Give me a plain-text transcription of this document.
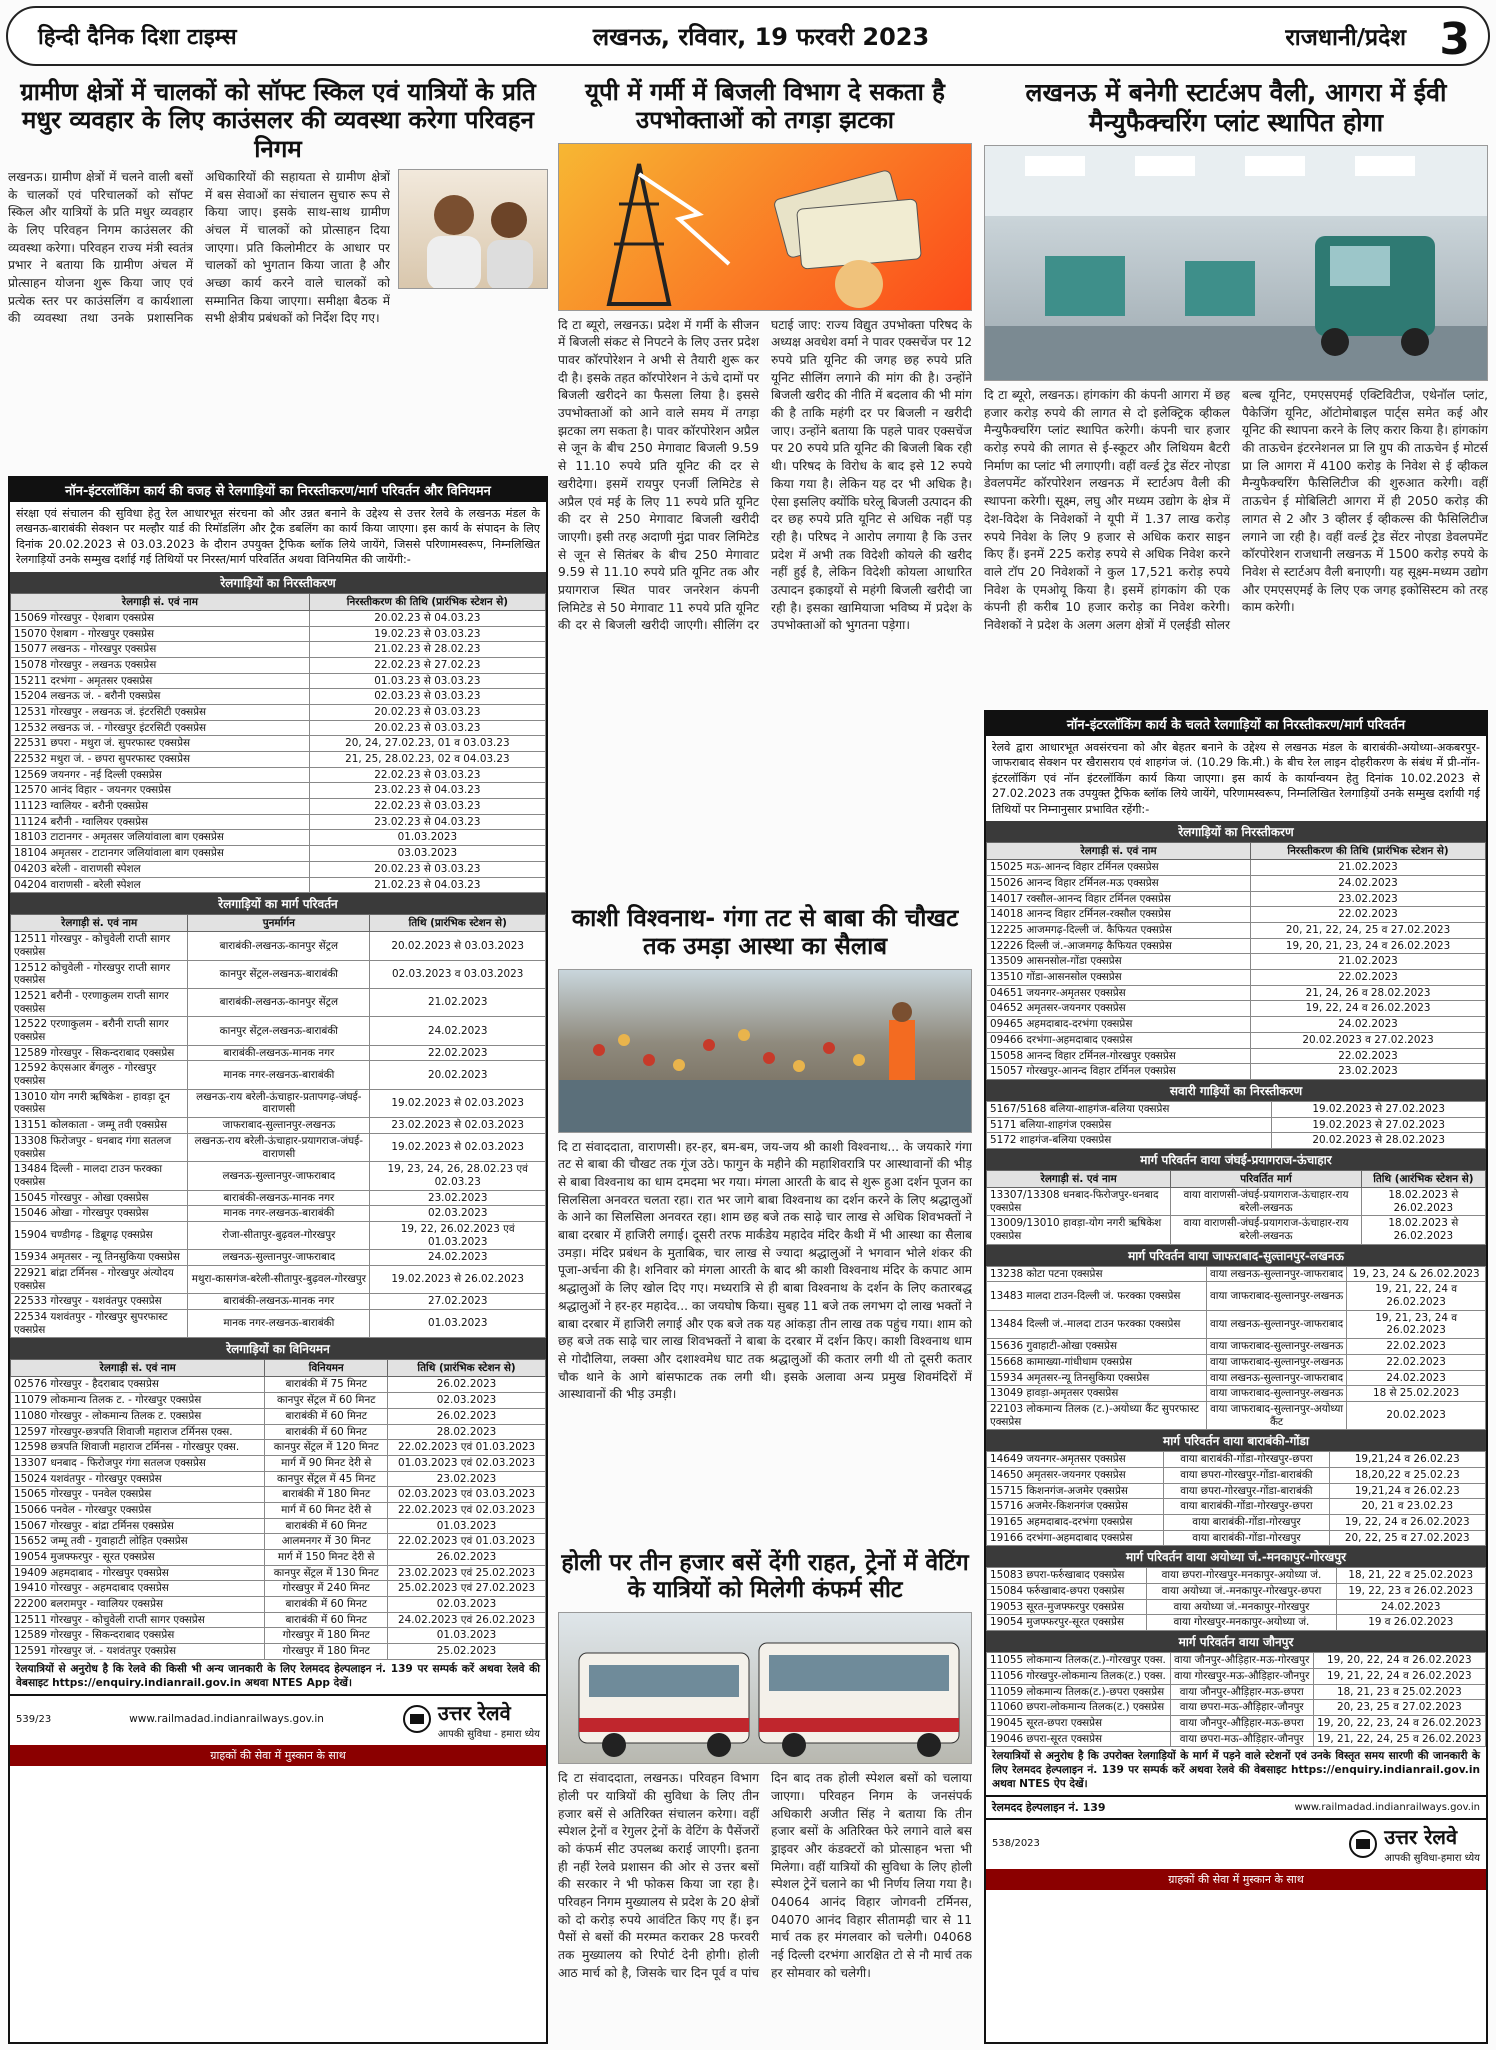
हिन्दी दैनिक दिशा टाइम्स	लखनऊ, रविवार, 19 फरवरी 2023	राजधानी/प्रदेश 3
ग्रामीण क्षेत्रों में चालकों को सॉफ्ट स्किल एवं यात्रियों के प्रति मधुर व्यवहार के लिए काउंसलर की व्यवस्था करेगा परिवहन निगम
लखनऊ। ग्रामीण क्षेत्रों में चलने वाली बसों के चालकों एवं परिचालकों को सॉफ्ट स्किल और यात्रियों के प्रति मधुर व्यवहार के लिए परिवहन निगम काउंसलर की व्यवस्था करेगा। परिवहन राज्य मंत्री स्वतंत्र प्रभार ने बताया कि ग्रामीण अंचल में प्रोत्साहन योजना शुरू किया जाए एवं प्रत्येक स्तर पर काउंसलिंग व कार्यशाला की व्यवस्था तथा उनके प्रशासनिक अधिकारियों की सहायता से ग्रामीण क्षेत्रों में बस सेवाओं का संचालन सुचारु रूप से किया जाए। इसके साथ-साथ ग्रामीण अंचल में चालकों को प्रोत्साहन दिया जाएगा। प्रति किलोमीटर के आधार पर चालकों को भुगतान किया जाता है और अच्छा कार्य करने वाले चालकों को सम्मानित किया जाएगा। समीक्षा बैठक में सभी क्षेत्रीय प्रबंधकों को निर्देश दिए गए।
नॉन-इंटरलॉकिंग कार्य की वजह से रेलगाड़ियों का निरस्तीकरण/मार्ग परिवर्तन और विनियमन
संरक्षा एवं संचालन की सुविधा हेतु रेल आधारभूत संरचना को और उन्नत बनाने के उद्देश्य से उत्तर रेलवे के लखनऊ मंडल के लखनऊ-बाराबंकी सेक्शन पर मल्हौर यार्ड की रिमॉडलिंग और ट्रैक डबलिंग का कार्य किया जाएगा। इस कार्य के संपादन के लिए दिनांक 20.02.2023 से 03.03.2023 के दौरान उपयुक्त ट्रैफिक ब्लॉक लिये जायेंगे, जिससे परिणामस्वरूप, निम्नलिखित रेलगाड़ियों उनके सम्मुख दर्शाई गई तिथियों पर निरस्त/मार्ग परिवर्तित अथवा विनियमित की जायेंगी:-
रेलगाड़ियों का निरस्तीकरण
रेलगाड़ी सं. एवं नाम	निरस्तीकरण की तिथि (प्रारंभिक स्टेशन से)
15069 गोरखपुर - ऐशबाग एक्सप्रेस	20.02.23 से 04.03.23
15070 ऐशबाग - गोरखपुर एक्सप्रेस	19.02.23 से 03.03.23
15077 लखनऊ - गोरखपुर एक्सप्रेस	21.02.23 से 28.02.23
15078 गोरखपुर - लखनऊ एक्सप्रेस	22.02.23 से 27.02.23
15211 दरभंगा - अमृतसर एक्सप्रेस	01.03.23 से 03.03.23
15204 लखनऊ जं. - बरौनी एक्सप्रेस	02.03.23 से 03.03.23
12531 गोरखपुर - लखनऊ जं. इंटरसिटी एक्सप्रेस	20.02.23 से 03.03.23
12532 लखनऊ जं. - गोरखपुर इंटरसिटी एक्सप्रेस	20.02.23 से 03.03.23
22531 छपरा - मथुरा जं. सुपरफास्ट एक्सप्रेस	20, 24, 27.02.23, 01 व 03.03.23
22532 मथुरा जं. - छपरा सुपरफास्ट एक्सप्रेस	21, 25, 28.02.23, 02 व 04.03.23
12569 जयनगर - नई दिल्ली एक्सप्रेस	22.02.23 से 03.03.23
12570 आनंद विहार - जयनगर एक्सप्रेस	23.02.23 से 04.03.23
11123 ग्वालियर - बरौनी एक्सप्रेस	22.02.23 से 03.03.23
11124 बरौनी - ग्वालियर एक्सप्रेस	23.02.23 से 04.03.23
18103 टाटानगर - अमृतसर जलियांवाला बाग एक्सप्रेस	01.03.2023
18104 अमृतसर - टाटानगर जलियांवाला बाग एक्सप्रेस	03.03.2023
04203 बरेली - वाराणसी स्पेशल	20.02.23 से 03.03.23
04204 वाराणसी - बरेली स्पेशल	21.02.23 से 04.03.23
रेलगाड़ियों का मार्ग परिवर्तन
रेलगाड़ी सं. एवं नाम	पुनर्मार्गन	तिथि (प्रारंभिक स्टेशन से)
12511 गोरखपुर - कोचुवेली राप्ती सागर एक्सप्रेस	बाराबंकी-लखनऊ-कानपुर सेंट्रल	20.02.2023 से 03.03.2023
12512 कोचुवेली - गोरखपुर राप्ती सागर एक्सप्रेस	कानपुर सेंट्रल-लखनऊ-बाराबंकी	02.03.2023 व 03.03.2023
12521 बरौनी - एरणाकुलम राप्ती सागर एक्सप्रेस	बाराबंकी-लखनऊ-कानपुर सेंट्रल	21.02.2023
12522 एरणाकुलम - बरौनी राप्ती सागर एक्सप्रेस	कानपुर सेंट्रल-लखनऊ-बाराबंकी	24.02.2023
12589 गोरखपुर - सिकन्दराबाद एक्सप्रेस	बाराबंकी-लखनऊ-मानक नगर	22.02.2023
12592 केएसआर बेंगलुरु - गोरखपुर एक्सप्रेस	मानक नगर-लखनऊ-बाराबंकी	20.02.2023
13010 योग नगरी ऋषिकेश - हावड़ा दून एक्सप्रेस	लखनऊ-राय बरेली-ऊंचाहार-प्रतापगढ़-जंघई-वाराणसी	19.02.2023 से 02.03.2023
13151 कोलकाता - जम्मू तवी एक्सप्रेस	जाफराबाद-सुल्तानपुर-लखनऊ	23.02.2023 से 02.03.2023
13308 फिरोजपुर - धनबाद गंगा सतलज एक्सप्रेस	लखनऊ-राय बरेली-ऊंचाहार-प्रयागराज-जंघई-वाराणसी	19.02.2023 से 02.03.2023
13484 दिल्ली - मालदा टाउन फरक्का एक्सप्रेस	लखनऊ-सुल्तानपुर-जाफराबाद	19, 23, 24, 26, 28.02.23 एवं 02.03.23
15045 गोरखपुर - ओखा एक्सप्रेस	बाराबंकी-लखनऊ-मानक नगर	23.02.2023
15046 ओखा - गोरखपुर एक्सप्रेस	मानक नगर-लखनऊ-बाराबंकी	02.03.2023
15904 चण्डीगढ़ - डिब्रूगढ़ एक्सप्रेस	रोजा-सीतापुर-बुढ़वल-गोरखपुर	19, 22, 26.02.2023 एवं 01.03.2023
15934 अमृतसर - न्यू तिनसुकिया एक्सप्रेस	लखनऊ-सुल्तानपुर-जाफराबाद	24.02.2023
22921 बांद्रा टर्मिनस - गोरखपुर अंत्योदय एक्सप्रेस	मथुरा-कासगंज-बरेली-सीतापुर-बुढ़वल-गोरखपुर	19.02.2023 से 26.02.2023
22533 गोरखपुर - यशवंतपुर एक्सप्रेस	बाराबंकी-लखनऊ-मानक नगर	27.02.2023
22534 यशवंतपुर - गोरखपुर सुपरफास्ट एक्सप्रेस	मानक नगर-लखनऊ-बाराबंकी	01.03.2023
रेलगाड़ियों का विनियमन
रेलगाड़ी सं. एवं नाम	विनियमन	तिथि (प्रारंभिक स्टेशन से)
02576 गोरखपुर - हैदराबाद एक्सप्रेस	बाराबंकी में 75 मिनट	26.02.2023
11079 लोकमान्य तिलक ट. - गोरखपुर एक्सप्रेस	कानपुर सेंट्रल में 60 मिनट	02.03.2023
11080 गोरखपुर - लोकमान्य तिलक ट. एक्सप्रेस	बाराबंकी में 60 मिनट	26.02.2023
12597 गोरखपुर-छत्रपति शिवाजी महाराज टर्मिनस एक्स.	बाराबंकी में 60 मिनट	28.02.2023
12598 छत्रपति शिवाजी महाराज टर्मिनस - गोरखपुर एक्स.	कानपुर सेंट्रल में 120 मिनट	22.02.2023 एवं 01.03.2023
13307 धनबाद - फिरोजपुर गंगा सतलज एक्सप्रेस	मार्ग में 90 मिनट देरी से	01.03.2023 एवं 02.03.2023
15024 यशवंतपुर - गोरखपुर एक्सप्रेस	कानपुर सेंट्रल में 45 मिनट	23.02.2023
15065 गोरखपुर - पनवेल एक्सप्रेस	बाराबंकी में 180 मिनट	02.03.2023 एवं 03.03.2023
15066 पनवेल - गोरखपुर एक्सप्रेस	मार्ग में 60 मिनट देरी से	22.02.2023 एवं 02.03.2023
15067 गोरखपुर - बांद्रा टर्मिनस एक्सप्रेस	बाराबंकी में 60 मिनट	01.03.2023
15652 जम्मू तवी - गुवाहाटी लोहित एक्सप्रेस	आलमनगर में 30 मिनट	22.02.2023 एवं 01.03.2023
19054 मुजफ्फरपुर - सूरत एक्सप्रेस	मार्ग में 150 मिनट देरी से	26.02.2023
19409 अहमदाबाद - गोरखपुर एक्सप्रेस	कानपुर सेंट्रल में 130 मिनट	23.02.2023 एवं 25.02.2023
19410 गोरखपुर - अहमदाबाद एक्सप्रेस	गोरखपुर में 240 मिनट	25.02.2023 एवं 27.02.2023
22200 बलरामपुर - ग्वालियर एक्सप्रेस	बाराबंकी में 60 मिनट	02.03.2023
12511 गोरखपुर - कोचुवेली राप्ती सागर एक्सप्रेस	बाराबंकी में 60 मिनट	24.02.2023 एवं 26.02.2023
12589 गोरखपुर - सिकन्दराबाद एक्सप्रेस	गोरखपुर में 180 मिनट	01.03.2023
12591 गोरखपुर जं. - यशवंतपुर एक्सप्रेस	गोरखपुर में 180 मिनट	25.02.2023
रेलयात्रियों से अनुरोध है कि रेलवे की किसी भी अन्य जानकारी के लिए रेलमदद हेल्पलाइन नं. 139 पर सम्पर्क करें अथवा रेलवे की वेबसाइट https://enquiry.indianrail.gov.in अथवा NTES App देखें।
539/23	www.railmadad.indianrailways.gov.in	उत्तर रेलवे
आपकी सुविधा - हमारा ध्येय
ग्राहकों की सेवा में मुस्कान के साथ
यूपी में गर्मी में बिजली विभाग दे सकता है उपभोक्ताओं को तगड़ा झटका
दि टा ब्यूरो, लखनऊ। प्रदेश में गर्मी के सीजन में बिजली संकट से निपटने के लिए उत्तर प्रदेश पावर कॉरपोरेशन ने अभी से तैयारी शुरू कर दी है। इसके तहत कॉरपोरेशन ने ऊंचे दामों पर बिजली खरीदने का फैसला लिया है। इससे उपभोक्ताओं को आने वाले समय में तगड़ा झटका लग सकता है। पावर कॉरपोरेशन अप्रैल से जून के बीच 250 मेगावाट बिजली 9.59 से 11.10 रुपये प्रति यूनिट की दर से खरीदेगा। इसमें रायपुर एनर्जी लिमिटेड से अप्रैल एवं मई के लिए 11 रुपये प्रति यूनिट की दर से 250 मेगावाट बिजली खरीदी जाएगी। इसी तरह अदाणी मुंद्रा पावर लिमिटेड से जून से सितंबर के बीच 250 मेगावाट 9.59 से 11.10 रुपये प्रति यूनिट तक और प्रयागराज स्थित पावर जनरेशन कंपनी लिमिटेड से 50 मेगावाट 11 रुपये प्रति यूनिट की दर से बिजली खरीदी जाएगी। सीलिंग दर घटाई जाए: राज्य विद्युत उपभोक्ता परिषद के अध्यक्ष अवधेश वर्मा ने पावर एक्सचेंज पर 12 रुपये प्रति यूनिट की जगह छह रुपये प्रति यूनिट सीलिंग लगाने की मांग की है। उन्होंने बिजली खरीद की नीति में बदलाव की भी मांग की है ताकि महंगी दर पर बिजली न खरीदी जाए। उन्होंने बताया कि पहले पावर एक्सचेंज पर 20 रुपये प्रति यूनिट की बिजली बिक रही थी। परिषद के विरोध के बाद इसे 12 रुपये किया गया है। लेकिन यह दर भी अधिक है। ऐसा इसलिए क्योंकि घरेलू बिजली उत्पादन की दर छह रुपये प्रति यूनिट से अधिक नहीं पड़ रही है। परिषद ने आरोप लगाया है कि उत्तर प्रदेश में अभी तक विदेशी कोयले की खरीद नहीं हुई है, लेकिन विदेशी कोयला आधारित उत्पादन इकाइयों से महंगी बिजली खरीदी जा रही है। इसका खामियाजा भविष्य में प्रदेश के उपभोक्ताओं को भुगतना पड़ेगा।
काशी विश्वनाथ- गंगा तट से बाबा की चौखट तक उमड़ा आस्था का सैलाब
दि टा संवाददाता, वाराणसी। हर-हर, बम-बम, जय-जय श्री काशी विश्वनाथ... के जयकारे गंगा तट से बाबा की चौखट तक गूंज उठे। फागुन के महीने की महाशिवरात्रि पर आस्थावानों की भीड़ से बाबा विश्वनाथ का धाम दमदमा भर गया। मंगला आरती के बाद से शुरू हुआ दर्शन पूजन का सिलसिला अनवरत चलता रहा। रात भर जागे बाबा विश्वनाथ का दर्शन करने के लिए श्रद्धालुओं के आने का सिलसिला अनवरत रहा। शाम छह बजे तक साढ़े चार लाख से अधिक शिवभक्तों ने बाबा दरबार में हाजिरी लगाई। दूसरी तरफ मार्कंडेय महादेव मंदिर कैथी में भी आस्था का सैलाब उमड़ा। मंदिर प्रबंधन के मुताबिक, चार लाख से ज्यादा श्रद्धालुओं ने भगवान भोले शंकर की पूजा-अर्चना की है। शनिवार को मंगला आरती के बाद श्री काशी विश्वनाथ मंदिर के कपाट आम श्रद्धालुओं के लिए खोल दिए गए। मध्यरात्रि से ही बाबा विश्वनाथ के दर्शन के लिए कतारबद्ध श्रद्धालुओं ने हर-हर महादेव... का जयघोष किया। सुबह 11 बजे तक लगभग दो लाख भक्तों ने बाबा दरबार में हाजिरी लगाई और एक बजे तक यह आंकड़ा तीन लाख तक पहुंच गया। शाम को छह बजे तक साढ़े चार लाख शिवभक्तों ने बाबा के दरबार में दर्शन किए। काशी विश्वनाथ धाम से गोदौलिया, लक्सा और दशाश्वमेध घाट तक श्रद्धालुओं की कतार लगी थी तो दूसरी कतार चौक थाने के आगे बांसफाटक तक लगी थी। इसके अलावा अन्य प्रमुख शिवमंदिरों में आस्थावानों की भीड़ उमड़ी।
होली पर तीन हजार बसें देंगी राहत, ट्रेनों में वेटिंग के यात्रियों को मिलेगी कंफर्म सीट
दि टा संवाददाता, लखनऊ। परिवहन विभाग होली पर यात्रियों की सुविधा के लिए तीन हजार बसें से अतिरिक्त संचालन करेगा। वहीं स्पेशल ट्रेनों व रेगुलर ट्रेनों के वेटिंग के पैसेंजरों को कंफर्म सीट उपलब्ध कराई जाएगी। इतना ही नहीं रेलवे प्रशासन की ओर से उत्तर बसों की सरकार ने भी फोकस किया जा रहा है। परिवहन निगम मुख्यालय से प्रदेश के 20 क्षेत्रों को दो करोड़ रुपये आवंटित किए गए हैं। इन पैसों से बसों की मरम्मत कराकर 28 फरवरी तक मुख्यालय को रिपोर्ट देनी होगी। होली आठ मार्च को है, जिसके चार दिन पूर्व व पांच दिन बाद तक होली स्पेशल बसों को चलाया जाएगा। परिवहन निगम के जनसंपर्क अधिकारी अजीत सिंह ने बताया कि तीन हजार बसों के अतिरिक्त फेरे लगाने वाले बस ड्राइवर और कंडक्टरों को प्रोत्साहन भत्ता भी मिलेगा। वहीं यात्रियों की सुविधा के लिए होली स्पेशल ट्रेनें चलाने का भी निर्णय लिया गया है। 04064 आनंद विहार जोगवनी टर्मिनस, 04070 आनंद विहार सीतामढ़ी चार से 11 मार्च तक हर मंगलवार को चलेगी। 04068 नई दिल्ली दरभंगा आरक्षित टो से नौ मार्च तक हर सोमवार को चलेगी।
लखनऊ में बनेगी स्टार्टअप वैली, आगरा में ईवी मैन्युफैक्चरिंग प्लांट स्थापित होगा
दि टा ब्यूरो, लखनऊ। हांगकांग की कंपनी आगरा में छह हजार करोड़ रुपये की लागत से दो इलेक्ट्रिक व्हीकल मैन्युफैक्चरिंग प्लांट स्थापित करेगी। कंपनी चार हजार करोड़ रुपये की लागत से ई-स्कूटर और लिथियम बैटरी निर्माण का प्लांट भी लगाएगी। वहीं वर्ल्ड ट्रेड सेंटर नोएडा डेवलपमेंट कॉरपोरेशन लखनऊ में स्टार्टअप वैली की स्थापना करेगी। सूक्ष्म, लघु और मध्यम उद्योग के क्षेत्र में देश-विदेश के निवेशकों ने यूपी में 1.37 लाख करोड़ रुपये निवेश के लिए 9 हजार से अधिक करार साइन किए हैं। इनमें 225 करोड़ रुपये से अधिक निवेश करने वाले टॉप 20 निवेशकों ने कुल 17,521 करोड़ रुपये निवेश के एमओयू किया है। इसमें हांगकांग की एक कंपनी ही करीब 10 हजार करोड़ का निवेश करेगी। निवेशकों ने प्रदेश के अलग अलग क्षेत्रों में एलईडी सोलर बल्ब यूनिट, एमएसएमई एक्टिविटीज, एथेनॉल प्लांट, पैकेजिंग यूनिट, ऑटोमोबाइल पार्ट्स समेत कई और यूनिट की स्थापना करने के लिए करार किया है। हांगकांग की ताऊचेन इंटरनेशनल प्रा लि ग्रुप की ताऊचेन ई मोटर्स प्रा लि आगरा में 4100 करोड़ के निवेश से ई व्हीकल मैन्युफैक्चरिंग फैसिलिटीज की शुरुआत करेगी। वहीं ताऊचेन ई मोबिलिटी आगरा में ही 2050 करोड़ की लागत से 2 और 3 व्हीलर ई व्हीकल्स की फैसिलिटीज लगाने जा रही है। वहीं वर्ल्ड ट्रेड सेंटर नोएडा डेवलपमेंट कॉरपोरेशन राजधानी लखनऊ में 1500 करोड़ रुपये के निवेश से स्टार्टअप वैली बनाएगी। यह सूक्ष्म-मध्यम उद्योग और एमएसएमई के लिए एक जगह इकोसिस्टम को तरह काम करेगी।
नॉन-इंटरलॉकिंग कार्य के चलते रेलगाड़ियों का निरस्तीकरण/मार्ग परिवर्तन
रेलवे द्वारा आधारभूत अवसंरचना को और बेहतर बनाने के उद्देश्य से लखनऊ मंडल के बाराबंकी-अयोध्या-अकबरपुर-जाफराबाद सेक्शन पर खैरासराय एवं शाहगंज जं. (10.29 कि.मी.) के बीच रेल लाइन दोहरीकरण के संबंध में प्री-नॉन-इंटरलॉकिंग एवं नॉन इंटरलॉकिंग कार्य किया जाएगा। इस कार्य के कार्यान्वयन हेतु दिनांक 10.02.2023 से 27.02.2023 तक उपयुक्त ट्रैफिक ब्लॉक लिये जायेंगे, परिणामस्वरूप, निम्नलिखित रेलगाड़ियों उनके सम्मुख दर्शायी गई तिथियों पर निम्नानुसार प्रभावित रहेंगी:-
रेलगाड़ियों का निरस्तीकरण
रेलगाड़ी सं. एवं नाम	निरस्तीकरण की तिथि (प्रारंभिक स्टेशन से)
15025 मऊ-आनन्द विहार टर्मिनल एक्सप्रेस	21.02.2023
15026 आनन्द विहार टर्मिनल-मऊ एक्सप्रेस	24.02.2023
14017 रक्सौल-आनन्द विहार टर्मिनल एक्सप्रेस	23.02.2023
14018 आनन्द विहार टर्मिनल-रक्सौल एक्सप्रेस	22.02.2023
12225 आजमगढ़-दिल्ली जं. कैफियत एक्सप्रेस	20, 21, 22, 24, 25 व 27.02.2023
12226 दिल्ली जं.-आजमगढ़ कैफियत एक्सप्रेस	19, 20, 21, 23, 24 व 26.02.2023
13509 आसनसोल-गोंडा एक्सप्रेस	21.02.2023
13510 गोंडा-आसनसोल एक्सप्रेस	22.02.2023
04651 जयनगर-अमृतसर एक्सप्रेस	21, 24, 26 व 28.02.2023
04652 अमृतसर-जयनगर एक्सप्रेस	19, 22, 24 व 26.02.2023
09465 अहमदाबाद-दरभंगा एक्सप्रेस	24.02.2023
09466 दरभंगा-अहमदाबाद एक्सप्रेस	20.02.2023 व 27.02.2023
15058 आनन्द विहार टर्मिनल-गोरखपुर एक्सप्रेस	22.02.2023
15057 गोरखपुर-आनन्द विहार टर्मिनल एक्सप्रेस	23.02.2023
सवारी गाड़ियों का निरस्तीकरण
5167/5168 बलिया-शाहगंज-बलिया एक्सप्रेस	19.02.2023 से 27.02.2023
5171 बलिया-शाहगंज एक्सप्रेस	19.02.2023 से 27.02.2023
5172 शाहगंज-बलिया एक्सप्रेस	20.02.2023 से 28.02.2023
मार्ग परिवर्तन वाया जंघई-प्रयागराज-ऊंचाहार
रेलगाड़ी सं. एवं नाम	परिवर्तित मार्ग	तिथि (आरंभिक स्टेशन से)
13307/13308 धनबाद-फिरोजपुर-धनबाद एक्सप्रेस	वाया वाराणसी-जंघई-प्रयागराज-ऊंचाहार-राय बरेली-लखनऊ	18.02.2023 से 26.02.2023
13009/13010 हावड़ा-योग नगरी ऋषिकेश एक्सप्रेस	वाया वाराणसी-जंघई-प्रयागराज-ऊंचाहार-राय बरेली-लखनऊ	18.02.2023 से 26.02.2023
मार्ग परिवर्तन वाया जाफराबाद-सुल्तानपुर-लखनऊ
13238 कोटा पटना एक्सप्रेस	वाया लखनऊ-सुल्तानपुर-जाफराबाद	19, 23, 24 & 26.02.2023
13483 मालदा टाउन-दिल्ली जं. फरक्का एक्सप्रेस	वाया जाफराबाद-सुल्तानपुर-लखनऊ	19, 21, 22, 24 व 26.02.2023
13484 दिल्ली जं.-मालदा टाउन फरक्का एक्सप्रेस	वाया लखनऊ-सुल्तानपुर-जाफराबाद	19, 21, 23, 24 व 26.02.2023
15636 गुवाहाटी-ओखा एक्सप्रेस	वाया जाफराबाद-सुल्तानपुर-लखनऊ	22.02.2023
15668 कामाख्या-गांधीधाम एक्सप्रेस	वाया जाफराबाद-सुल्तानपुर-लखनऊ	22.02.2023
15934 अमृतसर-न्यू तिनसुकिया एक्सप्रेस	वाया लखनऊ-सुल्तानपुर-जाफराबाद	24.02.2023
13049 हावड़ा-अमृतसर एक्सप्रेस	वाया जाफराबाद-सुल्तानपुर-लखनऊ	18 से 25.02.2023
22103 लोकमान्य तिलक (ट.)-अयोध्या कैंट सुपरफास्ट एक्सप्रेस	वाया जाफराबाद-सुल्तानपुर-अयोध्या कैंट	20.02.2023
मार्ग परिवर्तन वाया बाराबंकी-गोंडा
14649 जयनगर-अमृतसर एक्सप्रेस	वाया बाराबंकी-गोंडा-गोरखपुर-छपरा	19,21,24 व 26.02.23
14650 अमृतसर-जयनगर एक्सप्रेस	वाया छपरा-गोरखपुर-गोंडा-बाराबंकी	18,20,22 व 25.02.23
15715 किशनगंज-अजमेर एक्सप्रेस	वाया छपरा-गोरखपुर-गोंडा-बाराबंकी	19,21,24 व 26.02.23
15716 अजमेर-किशनगंज एक्सप्रेस	वाया बाराबंकी-गोंडा-गोरखपुर-छपरा	20, 21 व 23.02.23
19165 अहमदाबाद-दरभंगा एक्सप्रेस	वाया बाराबंकी-गोंडा-गोरखपुर	19, 22, 24 व 26.02.2023
19166 दरभंगा-अहमदाबाद एक्सप्रेस	वाया बाराबंकी-गोंडा-गोरखपुर	20, 22, 25 व 27.02.2023
मार्ग परिवर्तन वाया अयोध्या जं.-मनकापुर-गोरखपुर
15083 छपरा-फर्रुखाबाद एक्सप्रेस	वाया छपरा-गोरखपुर-मनकापुर-अयोध्या जं.	18, 21, 22 व 25.02.2023
15084 फर्रुखाबाद-छपरा एक्सप्रेस	वाया अयोध्या जं.-मनकापुर-गोरखपुर-छपरा	19, 22, 23 व 26.02.2023
19053 सूरत-मुजफ्फरपुर एक्सप्रेस	वाया अयोध्या जं.-मनकापुर-गोरखपुर	24.02.2023
19054 मुजफ्फरपुर-सूरत एक्सप्रेस	वाया गोरखपुर-मनकापुर-अयोध्या जं.	19 व 26.02.2023
मार्ग परिवर्तन वाया जौनपुर
11055 लोकमान्य तिलक(ट.)-गोरखपुर एक्स.	वाया जौनपुर-औड़िहार-मऊ-गोरखपुर	19, 20, 22, 24 व 26.02.2023
11056 गोरखपुर-लोकमान्य तिलक(ट.) एक्स.	वाया गोरखपुर-मऊ-औड़िहार-जौनपुर	19, 21, 22, 24 व 26.02.2023
11059 लोकमान्य तिलक(ट.)-छपरा एक्सप्रेस	वाया जौनपुर-औड़िहार-मऊ-छपरा	18, 21, 23 व 25.02.2023
11060 छपरा-लोकमान्य तिलक(ट.) एक्सप्रेस	वाया छपरा-मऊ-औड़िहार-जौनपुर	20, 23, 25 व 27.02.2023
19045 सूरत-छपरा एक्सप्रेस	वाया जौनपुर-औड़िहार-मऊ-छपरा	19, 20, 22, 23, 24 व 26.02.2023
19046 छपरा-सूरत एक्सप्रेस	वाया छपरा-मऊ-औड़िहार-जौनपुर	19, 21, 22, 24, 25 व 26.02.2023
रेलयात्रियों से अनुरोध है कि उपरोक्त रेलगाड़ियों के मार्ग में पड़ने वाले स्टेशनों एवं उनके विस्तृत समय सारणी की जानकारी के लिए रेलमदद हेल्पलाइन नं. 139 पर सम्पर्क करें अथवा रेलवे की वेबसाइट https://enquiry.indianrail.gov.in अथवा NTES ऐप देखें।
रेलमदद हेल्पलाइन नं. 139	www.railmadad.indianrailways.gov.in
538/2023	उत्तर रेलवे
आपकी सुविधा-हमारा ध्येय
ग्राहकों की सेवा में मुस्कान के साथ
